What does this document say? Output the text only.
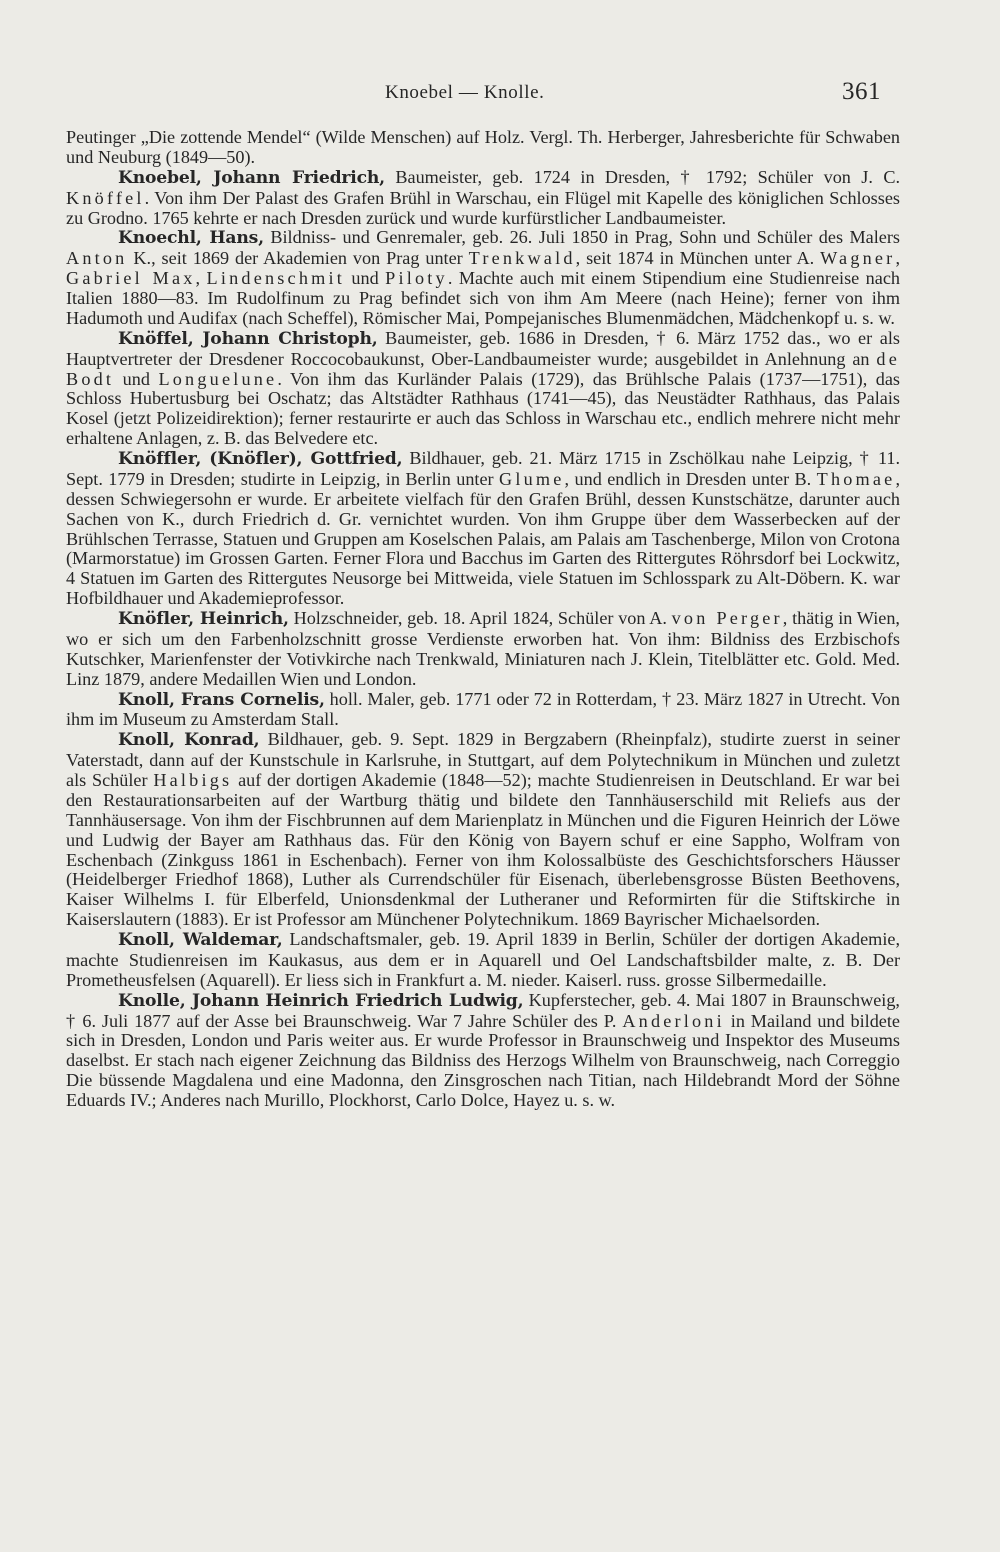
Knoebel — Knolle.	361

Peutinger „Die zottende Mendel“ (Wilde Menschen) auf Holz. Vergl. Th. Herberger, Jahresberichte für Schwaben und Neuburg (1849—50).

Knoebel, Johann Friedrich, Baumeister, geb. 1724 in Dresden, † 1792; Schüler von J. C. Knöffel. Von ihm Der Palast des Grafen Brühl in Warschau, ein Flügel mit Kapelle des königlichen Schlosses zu Grodno. 1765 kehrte er nach Dresden zurück und wurde kurfürstlicher Landbaumeister.

Knoechl, Hans, Bildniss- und Genremaler, geb. 26. Juli 1850 in Prag, Sohn und Schüler des Malers Anton K., seit 1869 der Akademien von Prag unter Trenkwald, seit 1874 in München unter A. Wagner, Gabriel Max, Lindenschmit und Piloty. Machte auch mit einem Stipendium eine Studienreise nach Italien 1880—83. Im Rudolfinum zu Prag befindet sich von ihm Am Meere (nach Heine); ferner von ihm Hadumoth und Audifax (nach Scheffel), Römischer Mai, Pompejanisches Blumenmädchen, Mädchenkopf u. s. w.

Knöffel, Johann Christoph, Baumeister, geb. 1686 in Dresden, † 6. März 1752 das., wo er als Hauptvertreter der Dresdener Roccocobaukunst, Ober-Landbaumeister wurde; ausgebildet in Anlehnung an de Bodt und Longuelune. Von ihm das Kurländer Palais (1729), das Brühlsche Palais (1737—1751), das Schloss Hubertusburg bei Oschatz; das Altstädter Rathhaus (1741—45), das Neustädter Rathhaus, das Palais Kosel (jetzt Polizeidirektion); ferner restaurirte er auch das Schloss in Warschau etc., endlich mehrere nicht mehr erhaltene Anlagen, z. B. das Belvedere etc.

Knöffler, (Knöfler), Gottfried, Bildhauer, geb. 21. März 1715 in Zschölkau nahe Leipzig, † 11. Sept. 1779 in Dresden; studirte in Leipzig, in Berlin unter Glume, und endlich in Dresden unter B. Thomae, dessen Schwiegersohn er wurde. Er arbeitete vielfach für den Grafen Brühl, dessen Kunstschätze, darunter auch Sachen von K., durch Friedrich d. Gr. vernichtet wurden. Von ihm Gruppe über dem Wasserbecken auf der Brühlschen Terrasse, Statuen und Gruppen am Koselschen Palais, am Palais am Taschenberge, Milon von Crotona (Marmorstatue) im Grossen Garten. Ferner Flora und Bacchus im Garten des Rittergutes Röhrsdorf bei Lockwitz, 4 Statuen im Garten des Rittergutes Neusorge bei Mittweida, viele Statuen im Schlosspark zu Alt-Döbern. K. war Hofbildhauer und Akademieprofessor.

Knöfler, Heinrich, Holzschneider, geb. 18. April 1824, Schüler von A. von Perger, thätig in Wien, wo er sich um den Farbenholzschnitt grosse Verdienste erworben hat. Von ihm: Bildniss des Erzbischofs Kutschker, Marienfenster der Votivkirche nach Trenkwald, Miniaturen nach J. Klein, Titelblätter etc. Gold. Med. Linz 1879, andere Medaillen Wien und London.

Knoll, Frans Cornelis, holl. Maler, geb. 1771 oder 72 in Rotterdam, † 23. März 1827 in Utrecht. Von ihm im Museum zu Amsterdam Stall.

Knoll, Konrad, Bildhauer, geb. 9. Sept. 1829 in Bergzabern (Rheinpfalz), studirte zuerst in seiner Vaterstadt, dann auf der Kunstschule in Karlsruhe, in Stuttgart, auf dem Polytechnikum in München und zuletzt als Schüler Halbigs auf der dortigen Akademie (1848—52); machte Studienreisen in Deutschland. Er war bei den Restaurationsarbeiten auf der Wartburg thätig und bildete den Tannhäuserschild mit Reliefs aus der Tannhäusersage. Von ihm der Fischbrunnen auf dem Marienplatz in München und die Figuren Heinrich der Löwe und Ludwig der Bayer am Rathhaus das. Für den König von Bayern schuf er eine Sappho, Wolfram von Eschenbach (Zinkguss 1861 in Eschenbach). Ferner von ihm Kolossalbüste des Geschichtsforschers Häusser (Heidelberger Friedhof 1868), Luther als Currendschüler für Eisenach, überlebensgrosse Büsten Beethovens, Kaiser Wilhelms I. für Elberfeld, Unionsdenkmal der Lutheraner und Reformirten für die Stiftskirche in Kaiserslautern (1883). Er ist Professor am Münchener Polytechnikum. 1869 Bayrischer Michaelsorden.

Knoll, Waldemar, Landschaftsmaler, geb. 19. April 1839 in Berlin, Schüler der dortigen Akademie, machte Studienreisen im Kaukasus, aus dem er in Aquarell und Oel Landschaftsbilder malte, z. B. Der Prometheusfelsen (Aquarell). Er liess sich in Frankfurt a. M. nieder. Kaiserl. russ. grosse Silbermedaille.

Knolle, Johann Heinrich Friedrich Ludwig, Kupferstecher, geb. 4. Mai 1807 in Braunschweig, † 6. Juli 1877 auf der Asse bei Braunschweig. War 7 Jahre Schüler des P. Anderloni in Mailand und bildete sich in Dresden, London und Paris weiter aus. Er wurde Professor in Braunschweig und Inspektor des Museums daselbst. Er stach nach eigener Zeichnung das Bildniss des Herzogs Wilhelm von Braunschweig, nach Correggio Die büssende Magdalena und eine Madonna, den Zinsgroschen nach Titian, nach Hildebrandt Mord der Söhne Eduards IV.; Anderes nach Murillo, Plockhorst, Carlo Dolce, Hayez u. s. w.
